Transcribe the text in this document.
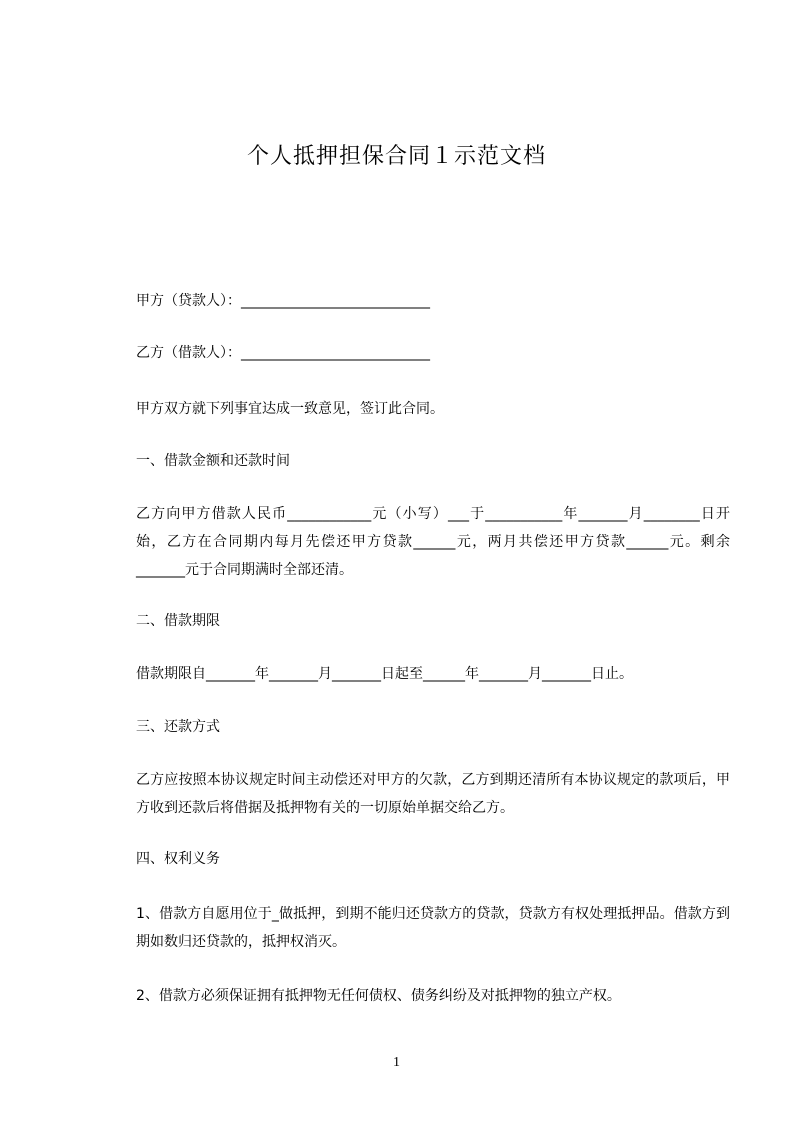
个人抵押担保合同１示范文档
甲方（贷款人）：___________________________
乙方（借款人）：___________________________
甲方双方就下列事宜达成一致意见，签订此合同。
一、借款金额和还款时间
乙方向甲方借款人民币____________元（小写）___于___________年_______月________日开始，乙方在合同期内每月先偿还甲方贷款______元，两月共偿还甲方贷款______元。剩余_______元于合同期满时全部还清。
二、借款期限
借款期限自_______年_______月_______日起至______年_______月_______日止。
三、还款方式
乙方应按照本协议规定时间主动偿还对甲方的欠款，乙方到期还清所有本协议规定的款项后，甲方收到还款后将借据及抵押物有关的一切原始单据交给乙方。
四、权利义务
1、借款方自愿用位于_做抵押，到期不能归还贷款方的贷款，贷款方有权处理抵押品。借款方到期如数归还贷款的，抵押权消灭。
2、借款方必须保证拥有抵押物无任何债权、债务纠纷及对抵押物的独立产权。
1
